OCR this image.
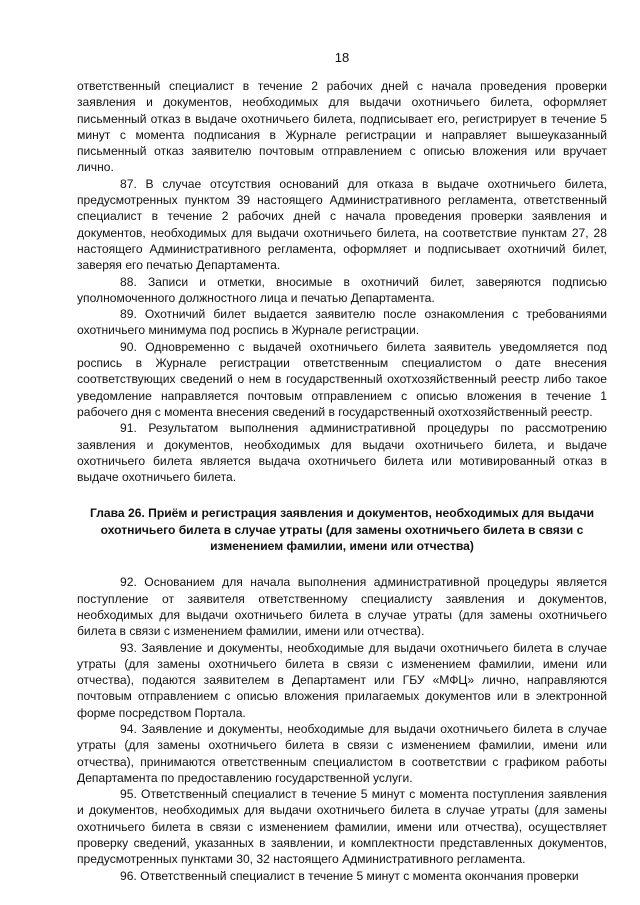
18

ответственный специалист в течение 2 рабочих дней с начала проведения проверки заявления и документов, необходимых для выдачи охотничьего билета, оформляет письменный отказ в выдаче охотничьего билета, подписывает его, регистрирует в течение 5 минут с момента подписания в Журнале регистрации и направляет вышеуказанный письменный отказ заявителю почтовым отправлением с описью вложения или вручает лично.

87. В случае отсутствия оснований для отказа в выдаче охотничьего билета, предусмотренных пунктом 39 настоящего Административного регламента, ответственный специалист в течение 2 рабочих дней с начала проведения проверки заявления и документов, необходимых для выдачи охотничьего билета, на соответствие пунктам 27, 28 настоящего Административного регламента, оформляет и подписывает охотничий билет, заверяя его печатью Департамента.

88. Записи и отметки, вносимые в охотничий билет, заверяются подписью уполномоченного должностного лица и печатью Департамента.

89. Охотничий билет выдается заявителю после ознакомления с требованиями охотничьего минимума под роспись в Журнале регистрации.

90. Одновременно с выдачей охотничьего билета заявитель уведомляется под роспись в Журнале регистрации ответственным специалистом о дате внесения соответствующих сведений о нем в государственный охотхозяйственный реестр либо такое уведомление направляется почтовым отправлением с описью вложения в течение 1 рабочего дня с момента внесения сведений в государственный охотхозяйственный реестр.

91. Результатом выполнения административной процедуры по рассмотрению заявления и документов, необходимых для выдачи охотничьего билета, и выдаче охотничьего билета является выдача охотничьего билета или мотивированный отказ в выдаче охотничьего билета.

Глава 26. Приём и регистрация заявления и документов, необходимых для выдачи охотничьего билета в случае утраты (для замены охотничьего билета в связи с изменением фамилии, имени или отчества)

92. Основанием для начала выполнения административной процедуры является поступление от заявителя ответственному специалисту заявления и документов, необходимых для выдачи охотничьего билета в случае утраты (для замены охотничьего билета в связи с изменением фамилии, имени или отчества).

93. Заявление и документы, необходимые для выдачи охотничьего билета в случае утраты (для замены охотничьего билета в связи с изменением фамилии, имени или отчества), подаются заявителем в Департамент или ГБУ «МФЦ» лично, направляются почтовым отправлением с описью вложения прилагаемых документов или в электронной форме посредством Портала.

94. Заявление и документы, необходимые для выдачи охотничьего билета в случае утраты (для замены охотничьего билета в связи с изменением фамилии, имени или отчества), принимаются ответственным специалистом в соответствии с графиком работы Департамента по предоставлению государственной услуги.

95. Ответственный специалист в течение 5 минут с момента поступления заявления и документов, необходимых для выдачи охотничьего билета в случае утраты (для замены охотничьего билета в связи с изменением фамилии, имени или отчества), осуществляет проверку сведений, указанных в заявлении, и комплектности представленных документов, предусмотренных пунктами 30, 32 настоящего Административного регламента.

96. Ответственный специалист в течение 5 минут с момента окончания проверки
